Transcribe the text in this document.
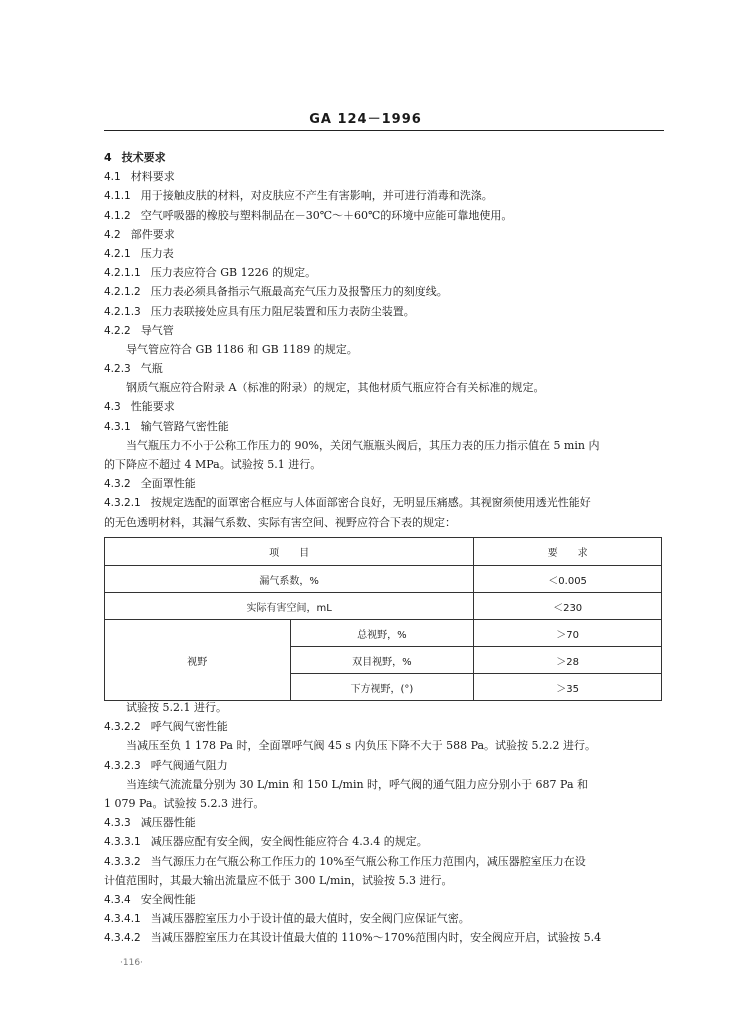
GA 124－1996
4 技术要求
4.1 材料要求
4.1.1 用于接触皮肤的材料，对皮肤应不产生有害影响，并可进行消毒和洗涤。
4.1.2 空气呼吸器的橡胶与塑料制品在－30℃～＋60℃的环境中应能可靠地使用。
4.2 部件要求
4.2.1 压力表
4.2.1.1 压力表应符合 GB 1226 的规定。
4.2.1.2 压力表必须具备指示气瓶最高充气压力及报警压力的刻度线。
4.2.1.3 压力表联接处应具有压力阻尼装置和压力表防尘装置。
4.2.2 导气管
导气管应符合 GB 1186 和 GB 1189 的规定。
4.2.3 气瓶
钢质气瓶应符合附录 A（标准的附录）的规定，其他材质气瓶应符合有关标准的规定。
4.3 性能要求
4.3.1 输气管路气密性能
当气瓶压力不小于公称工作压力的 90%，关闭气瓶瓶头阀后，其压力表的压力指示值在 5 min 内
的下降应不超过 4 MPa。试验按 5.1 进行。
4.3.2 全面罩性能
4.3.2.1 按规定选配的面罩密合框应与人体面部密合良好，无明显压痛感。其视窗须使用透光性能好
的无色透明材料，其漏气系数、实际有害空间、视野应符合下表的规定：
项　　目		要　　求
漏气系数，%		＜0.005
实际有害空间，mL		＜230
视野	总视野，%	＞70
	双目视野，%	＞28
	下方视野，(°)	＞35
试验按 5.2.1 进行。
4.3.2.2 呼气阀气密性能
当减压至负 1 178 Pa 时，全面罩呼气阀 45 s 内负压下降不大于 588 Pa。试验按 5.2.2 进行。
4.3.2.3 呼气阀通气阻力
当连续气流流量分别为 30 L/min 和 150 L/min 时，呼气阀的通气阻力应分别小于 687 Pa 和
1 079 Pa。试验按 5.2.3 进行。
4.3.3 减压器性能
4.3.3.1 减压器应配有安全阀，安全阀性能应符合 4.3.4 的规定。
4.3.3.2 当气源压力在气瓶公称工作压力的 10%至气瓶公称工作压力范围内，减压器腔室压力在设
计值范围时，其最大输出流量应不低于 300 L/min，试验按 5.3 进行。
4.3.4 安全阀性能
4.3.4.1 当减压器腔室压力小于设计值的最大值时，安全阀门应保证气密。
4.3.4.2 当减压器腔室压力在其设计值最大值的 110%～170%范围内时，安全阀应开启，试验按 5.4
·116·
